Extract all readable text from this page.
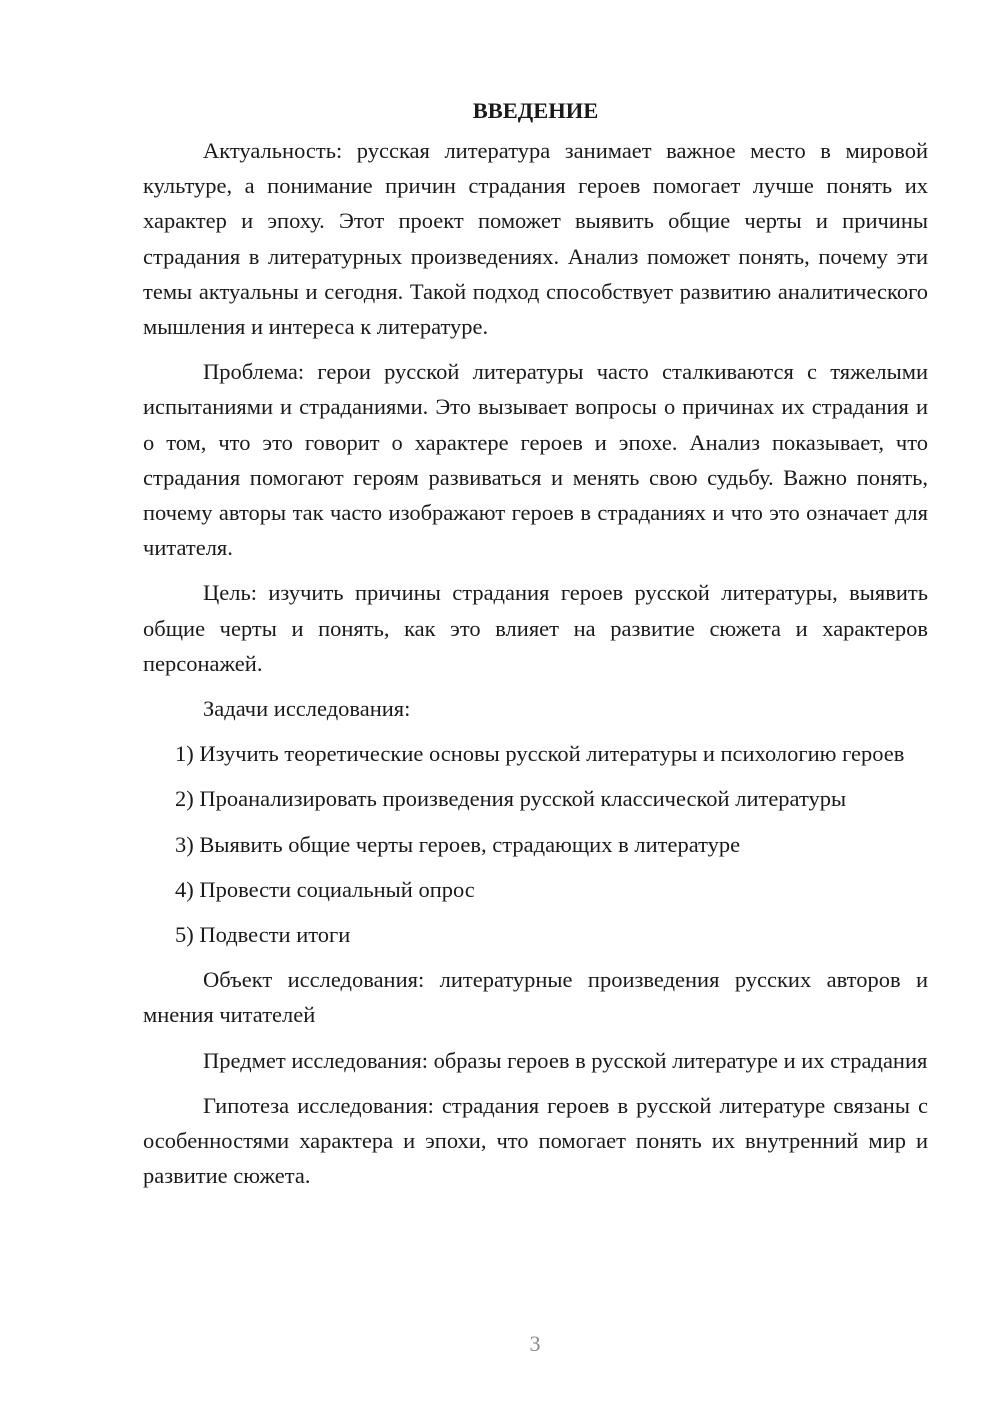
ВВЕДЕНИЕ

Актуальность: русская литература занимает важное место в мировой культуре, а понимание причин страдания героев помогает лучше понять их характер и эпоху. Этот проект поможет выявить общие черты и причины страдания в литературных произведениях. Анализ поможет понять, почему эти темы актуальны и сегодня. Такой подход способствует развитию аналитического мышления и интереса к литературе.

Проблема: герои русской литературы часто сталкиваются с тяжелыми испытаниями и страданиями. Это вызывает вопросы о причинах их страдания и о том, что это говорит о характере героев и эпохе. Анализ показывает, что страдания помогают героям развиваться и менять свою судьбу. Важно понять, почему авторы так часто изображают героев в страданиях и что это означает для читателя.

Цель: изучить причины страдания героев русской литературы, выявить общие черты и понять, как это влияет на развитие сюжета и характеров персонажей.

Задачи исследования:

1) Изучить теоретические основы русской литературы и психологию героев

2) Проанализировать произведения русской классической литературы

3) Выявить общие черты героев, страдающих в литературе

4) Провести социальный опрос

5) Подвести итоги

Объект исследования: литературные произведения русских авторов и мнения читателей

Предмет исследования: образы героев в русской литературе и их страдания

Гипотеза исследования: страдания героев в русской литературе связаны с особенностями характера и эпохи, что помогает понять их внутренний мир и развитие сюжета.

3
